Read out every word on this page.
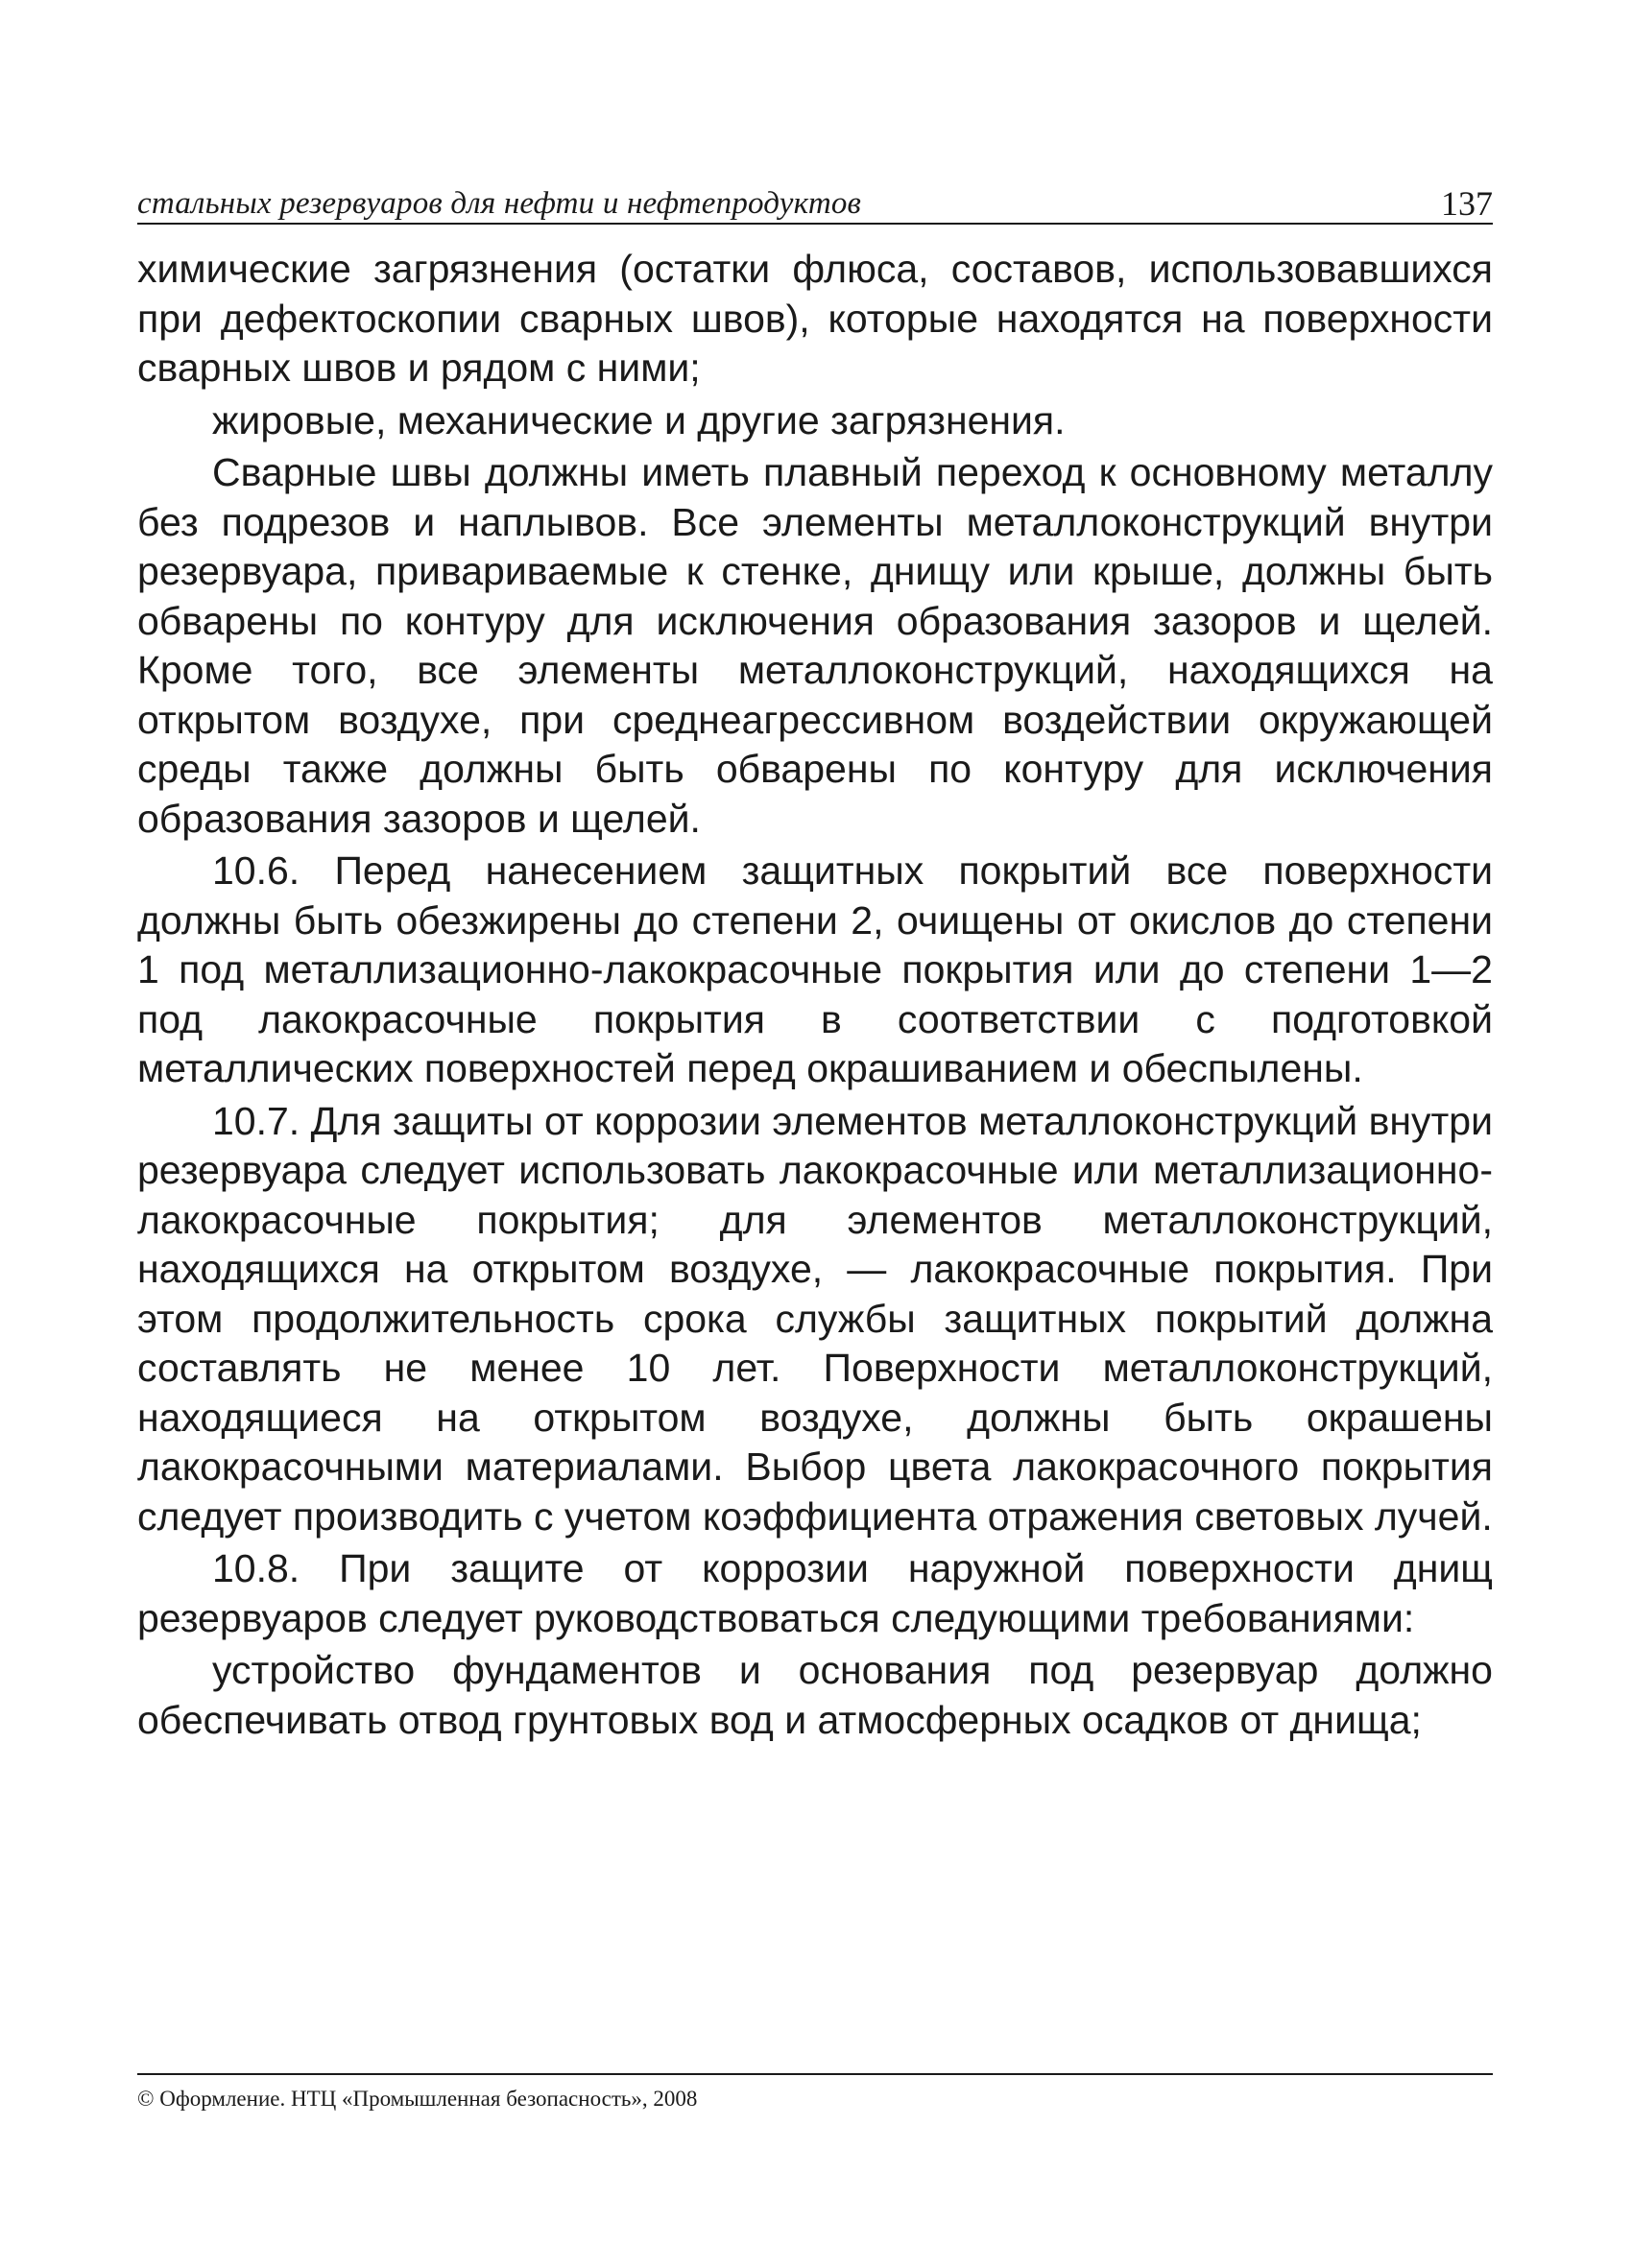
стальных резервуаров для нефти и нефтепродуктов	137

химические загрязнения (остатки флюса, составов, использовавшихся при дефектоскопии сварных швов), которые находятся на поверхности сварных швов и рядом с ними;

жировые, механические и другие загрязнения.

Сварные швы должны иметь плавный переход к основному металлу без подрезов и наплывов. Все элементы металлоконструкций внутри резервуара, привариваемые к стенке, днищу или крыше, должны быть обварены по контуру для исключения образования зазоров и щелей. Кроме того, все элементы металлоконструкций, находящихся на открытом воздухе, при среднеагрессивном воздействии окружающей среды также должны быть обварены по контуру для исключения образования зазоров и щелей.

10.6. Перед нанесением защитных покрытий все поверхности должны быть обезжирены до степени 2, очищены от окислов до степени 1 под металлизационно-лакокрасочные покрытия или до степени 1—2 под лакокрасочные покрытия в соответствии с подготовкой металлических поверхностей перед окрашиванием и обеспылены.

10.7. Для защиты от коррозии элементов металлоконструкций внутри резервуара следует использовать лакокрасочные или металлизационно-лакокрасочные покрытия; для элементов металлоконструкций, находящихся на открытом воздухе, — лакокрасочные покрытия. При этом продолжительность срока службы защитных покрытий должна составлять не менее 10 лет. Поверхности металлоконструкций, находящиеся на открытом воздухе, должны быть окрашены лакокрасочными материалами. Выбор цвета лакокрасочного покрытия следует производить с учетом коэффициента отражения световых лучей.

10.8. При защите от коррозии наружной поверхности днищ резервуаров следует руководствоваться следующими требованиями:

устройство фундаментов и основания под резервуар должно обеспечивать отвод грунтовых вод и атмосферных осадков от днища;

© Оформление. НТЦ «Промышленная безопасность», 2008
